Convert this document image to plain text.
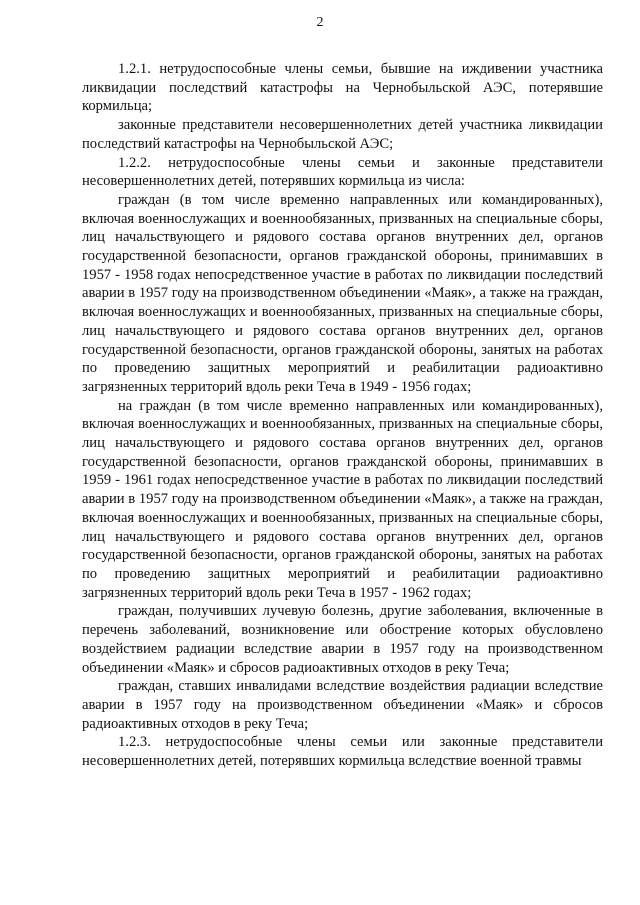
2

1.2.1. нетрудоспособные члены семьи, бывшие на иждивении участника ликвидации последствий катастрофы на Чернобыльской АЭС, потерявшие кормильца;

законные представители несовершеннолетних детей участника ликвидации последствий катастрофы на Чернобыльской АЭС;

1.2.2. нетрудоспособные члены семьи и законные представители несовершеннолетних детей, потерявших кормильца из числа:

граждан (в том числе временно направленных или командированных), включая военнослужащих и военнообязанных, призванных на специальные сборы, лиц начальствующего и рядового состава органов внутренних дел, органов государственной безопасности, органов гражданской обороны, принимавших в 1957 - 1958 годах непосредственное участие в работах по ликвидации последствий аварии в 1957 году на производственном объединении «Маяк», а также на граждан, включая военнослужащих и военнообязанных, призванных на специальные сборы, лиц начальствующего и рядового состава органов внутренних дел, органов государственной безопасности, органов гражданской обороны, занятых на работах по проведению защитных мероприятий и реабилитации радиоактивно загрязненных территорий вдоль реки Теча в 1949 - 1956 годах;

на граждан (в том числе временно направленных или командированных), включая военнослужащих и военнообязанных, призванных на специальные сборы, лиц начальствующего и рядового состава органов внутренних дел, органов государственной безопасности, органов гражданской обороны, принимавших в 1959 - 1961 годах непосредственное участие в работах по ликвидации последствий аварии в 1957 году на производственном объединении «Маяк», а также на граждан, включая военнослужащих и военнообязанных, призванных на специальные сборы, лиц начальствующего и рядового состава органов внутренних дел, органов государственной безопасности, органов гражданской обороны, занятых на работах по проведению защитных мероприятий и реабилитации радиоактивно загрязненных территорий вдоль реки Теча в 1957 - 1962 годах;

граждан, получивших лучевую болезнь, другие заболевания, включенные в перечень заболеваний, возникновение или обострение которых обусловлено воздействием радиации вследствие аварии в 1957 году на производственном объединении «Маяк» и сбросов радиоактивных отходов в реку Теча;

граждан, ставших инвалидами вследствие воздействия радиации вследствие аварии в 1957 году на производственном объединении «Маяк» и сбросов радиоактивных отходов в реку Теча;

1.2.3. нетрудоспособные члены семьи или законные представители несовершеннолетних детей, потерявших кормильца вследствие военной травмы
